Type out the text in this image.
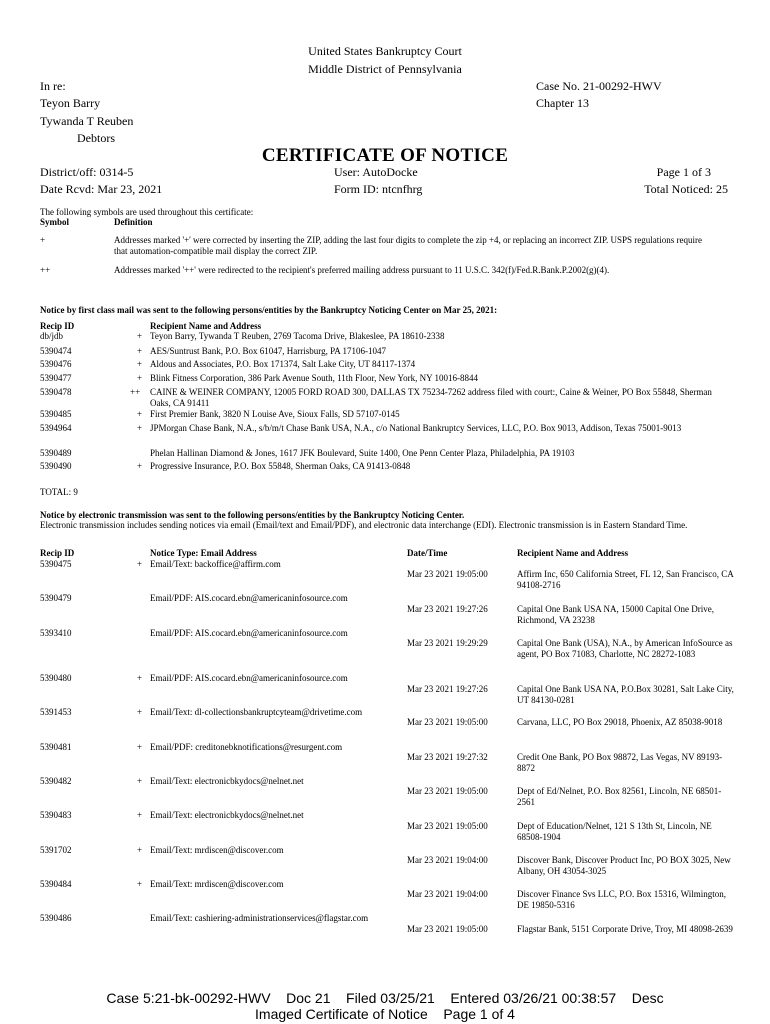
United States Bankruptcy Court
Middle District of Pennsylvania
In re:
Teyon Barry
Tywanda T Reuben
Debtors
Case No. 21-00292-HWV
Chapter 13
CERTIFICATE OF NOTICE
District/off: 0314-5
Date Rcvd: Mar 23, 2021
User: AutoDocke
Form ID: ntcnfhrg
Page 1 of 3
Total Noticed: 25
The following symbols are used throughout this certificate:
Symbol	Definition
+	Addresses marked '+' were corrected by inserting the ZIP, adding the last four digits to complete the zip +4, or replacing an incorrect ZIP. USPS regulations require that automation-compatible mail display the correct ZIP.
++	Addresses marked '++' were redirected to the recipient's preferred mailing address pursuant to 11 U.S.C. 342(f)/Fed.R.Bank.P.2002(g)(4).
Notice by first class mail was sent to the following persons/entities by the Bankruptcy Noticing Center on Mar 25, 2021:
Recip ID	Recipient Name and Address
db/jdb	+ Teyon Barry, Tywanda T Reuben, 2769 Tacoma Drive, Blakeslee, PA 18610-2338
5390474	+ AES/Suntrust Bank, P.O. Box 61047, Harrisburg, PA 17106-1047
5390476	+ Aldous and Associates, P.O. Box 171374, Salt Lake City, UT 84117-1374
5390477	+ Blink Fitness Corporation, 386 Park Avenue South, 11th Floor, New York, NY 10016-8844
5390478	++ CAINE & WEINER COMPANY, 12005 FORD ROAD 300, DALLAS TX 75234-7262 address filed with court:, Caine & Weiner, PO Box 55848, Sherman Oaks, CA 91411
5390485	+ First Premier Bank, 3820 N Louise Ave, Sioux Falls, SD 57107-0145
5394964	+ JPMorgan Chase Bank, N.A., s/b/m/t Chase Bank USA, N.A., c/o National Bankruptcy Services, LLC, P.O. Box 9013, Addison, Texas 75001-9013
5390489	Phelan Hallinan Diamond & Jones, 1617 JFK Boulevard, Suite 1400, One Penn Center Plaza, Philadelphia, PA 19103
5390490	+ Progressive Insurance, P.O. Box 55848, Sherman Oaks, CA 91413-0848
TOTAL: 9
Notice by electronic transmission was sent to the following persons/entities by the Bankruptcy Noticing Center.
Electronic transmission includes sending notices via email (Email/text and Email/PDF), and electronic data interchange (EDI). Electronic transmission is in Eastern Standard Time.
Recip ID	Notice Type: Email Address	Date/Time	Recipient Name and Address
5390475	+ Email/Text: backoffice@affirm.com
Mar 23 2021 19:05:00	Affirm Inc, 650 California Street, FL 12, San Francisco, CA 94108-2716
5390479	Email/PDF: AIS.cocard.ebn@americaninfosource.com
Mar 23 2021 19:27:26	Capital One Bank USA NA, 15000 Capital One Drive, Richmond, VA 23238
5393410	Email/PDF: AIS.cocard.ebn@americaninfosource.com
Mar 23 2021 19:29:29	Capital One Bank (USA), N.A., by American InfoSource as agent, PO Box 71083, Charlotte, NC 28272-1083
5390480	+ Email/PDF: AIS.cocard.ebn@americaninfosource.com
Mar 23 2021 19:27:26	Capital One Bank USA NA, P.O.Box 30281, Salt Lake City, UT 84130-0281
5391453	+ Email/Text: dl-collectionsbankruptcyteam@drivetime.com
Mar 23 2021 19:05:00	Carvana, LLC, PO Box 29018, Phoenix, AZ 85038-9018
5390481	+ Email/PDF: creditonebknotifications@resurgent.com
Mar 23 2021 19:27:32	Credit One Bank, PO Box 98872, Las Vegas, NV 89193-8872
5390482	+ Email/Text: electronicbkydocs@nelnet.net
Mar 23 2021 19:05:00	Dept of Ed/Nelnet, P.O. Box 82561, Lincoln, NE 68501-2561
5390483	+ Email/Text: electronicbkydocs@nelnet.net
Mar 23 2021 19:05:00	Dept of Education/Nelnet, 121 S 13th St, Lincoln, NE 68508-1904
5391702	+ Email/Text: mrdiscen@discover.com
Mar 23 2021 19:04:00	Discover Bank, Discover Product Inc, PO BOX 3025, New Albany, OH 43054-3025
5390484	+ Email/Text: mrdiscen@discover.com
Mar 23 2021 19:04:00	Discover Finance Svs LLC, P.O. Box 15316, Wilmington, DE 19850-5316
5390486	Email/Text: cashiering-administrationservices@flagstar.com
Mar 23 2021 19:05:00	Flagstar Bank, 5151 Corporate Drive, Troy, MI 48098-2639
Case 5:21-bk-00292-HWV    Doc 21    Filed 03/25/21    Entered 03/26/21 00:38:57    Desc
Imaged Certificate of Notice    Page 1 of 4
